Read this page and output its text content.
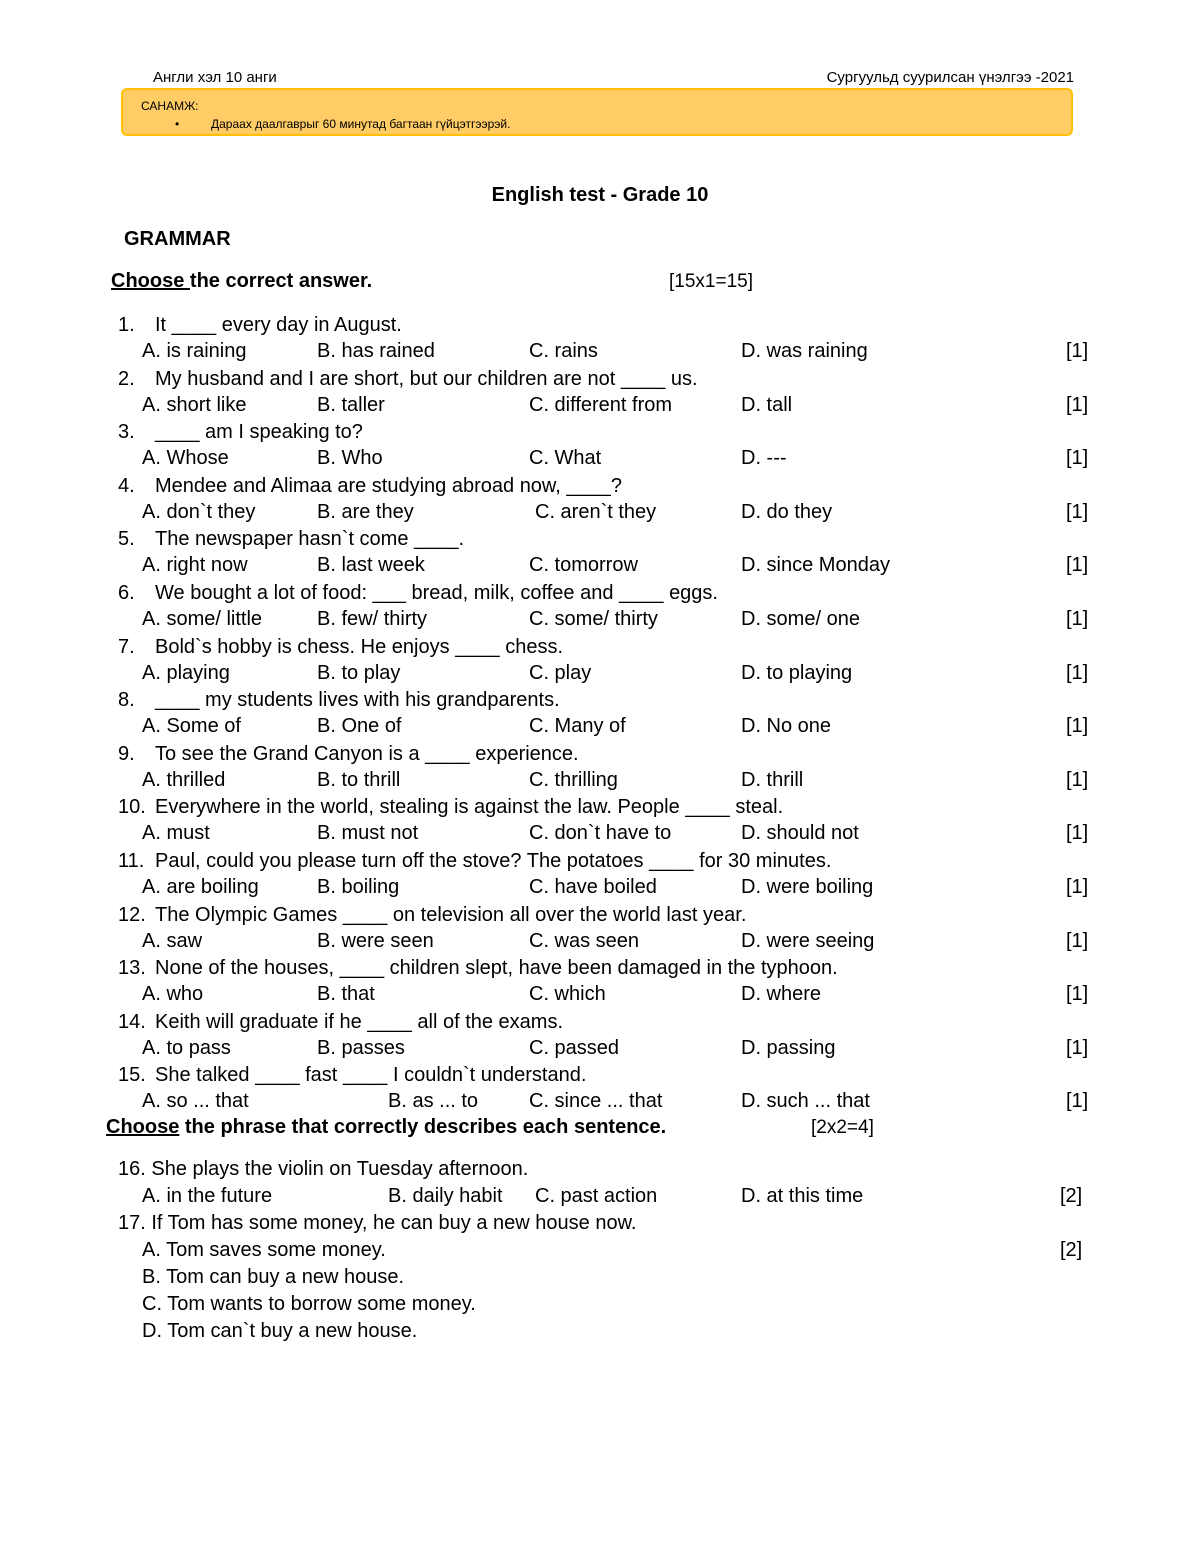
Англи хэл 10 анги	Сургуульд суурилсан үнэлгээ -2021
САНАМЖ:
•	Дараах даалгаврыг 60 минутад багтаан гүйцэтгээрэй.
English test - Grade 10
GRAMMAR
Choose the correct answer.	[15x1=15]
1. It ____ every day in August.
A. is raining	B. has rained	C. rains	D. was raining	[1]
2. My husband and I are short, but our children are not ____ us.
A. short like	B. taller	C. different from	D. tall	[1]
3. ____ am I speaking to?
A. Whose	B. Who	C. What	D. ---	[1]
4. Mendee and Alimaa are studying abroad now, ____?
A. don`t they	B. are they	C. aren`t they	D. do they	[1]
5. The newspaper hasn`t come ____.
A. right now	B. last week	C. tomorrow	D. since Monday	[1]
6. We bought a lot of food: ___ bread, milk, coffee and ____ eggs.
A. some/ little	B. few/ thirty	C. some/ thirty	D. some/ one	[1]
7. Bold`s hobby is chess. He enjoys ____ chess.
A. playing	B. to play	C. play	D. to playing	[1]
8. ____ my students lives with his grandparents.
A. Some of	B. One of	C. Many of	D. No one	[1]
9. To see the Grand Canyon is a ____ experience.
A. thrilled	B. to thrill	C. thrilling	D. thrill	[1]
10. Everywhere in the world, stealing is against the law. People ____ steal.
A. must	B. must not	C. don`t have to	D. should not	[1]
11. Paul, could you please turn off the stove? The potatoes ____ for 30 minutes.
A. are boiling	B. boiling	C. have boiled	D. were boiling	[1]
12. The Olympic Games ____ on television all over the world last year.
A. saw	B. were seen	C. was seen	D. were seeing	[1]
13. None of the houses, ____ children slept, have been damaged in the typhoon.
A. who	B. that	C. which	D. where	[1]
14. Keith will graduate if he ____ all of the exams.
A. to pass	B. passes	C. passed	D. passing	[1]
15. She talked ____ fast ____ I couldn`t understand.
A. so ... that	B. as ... to	C. since ... that	D. such ... that	[1]
Choose the phrase that correctly describes each sentence.	[2x2=4]
16. She plays the violin on Tuesday afternoon.
A. in the future	B. daily habit C. past action	D. at this time	[2]
17. If Tom has some money, he can buy a new house now.
A. Tom saves some money.	[2]
B. Tom can buy a new house.
C. Tom wants to borrow some money.
D. Tom can`t buy a new house.
